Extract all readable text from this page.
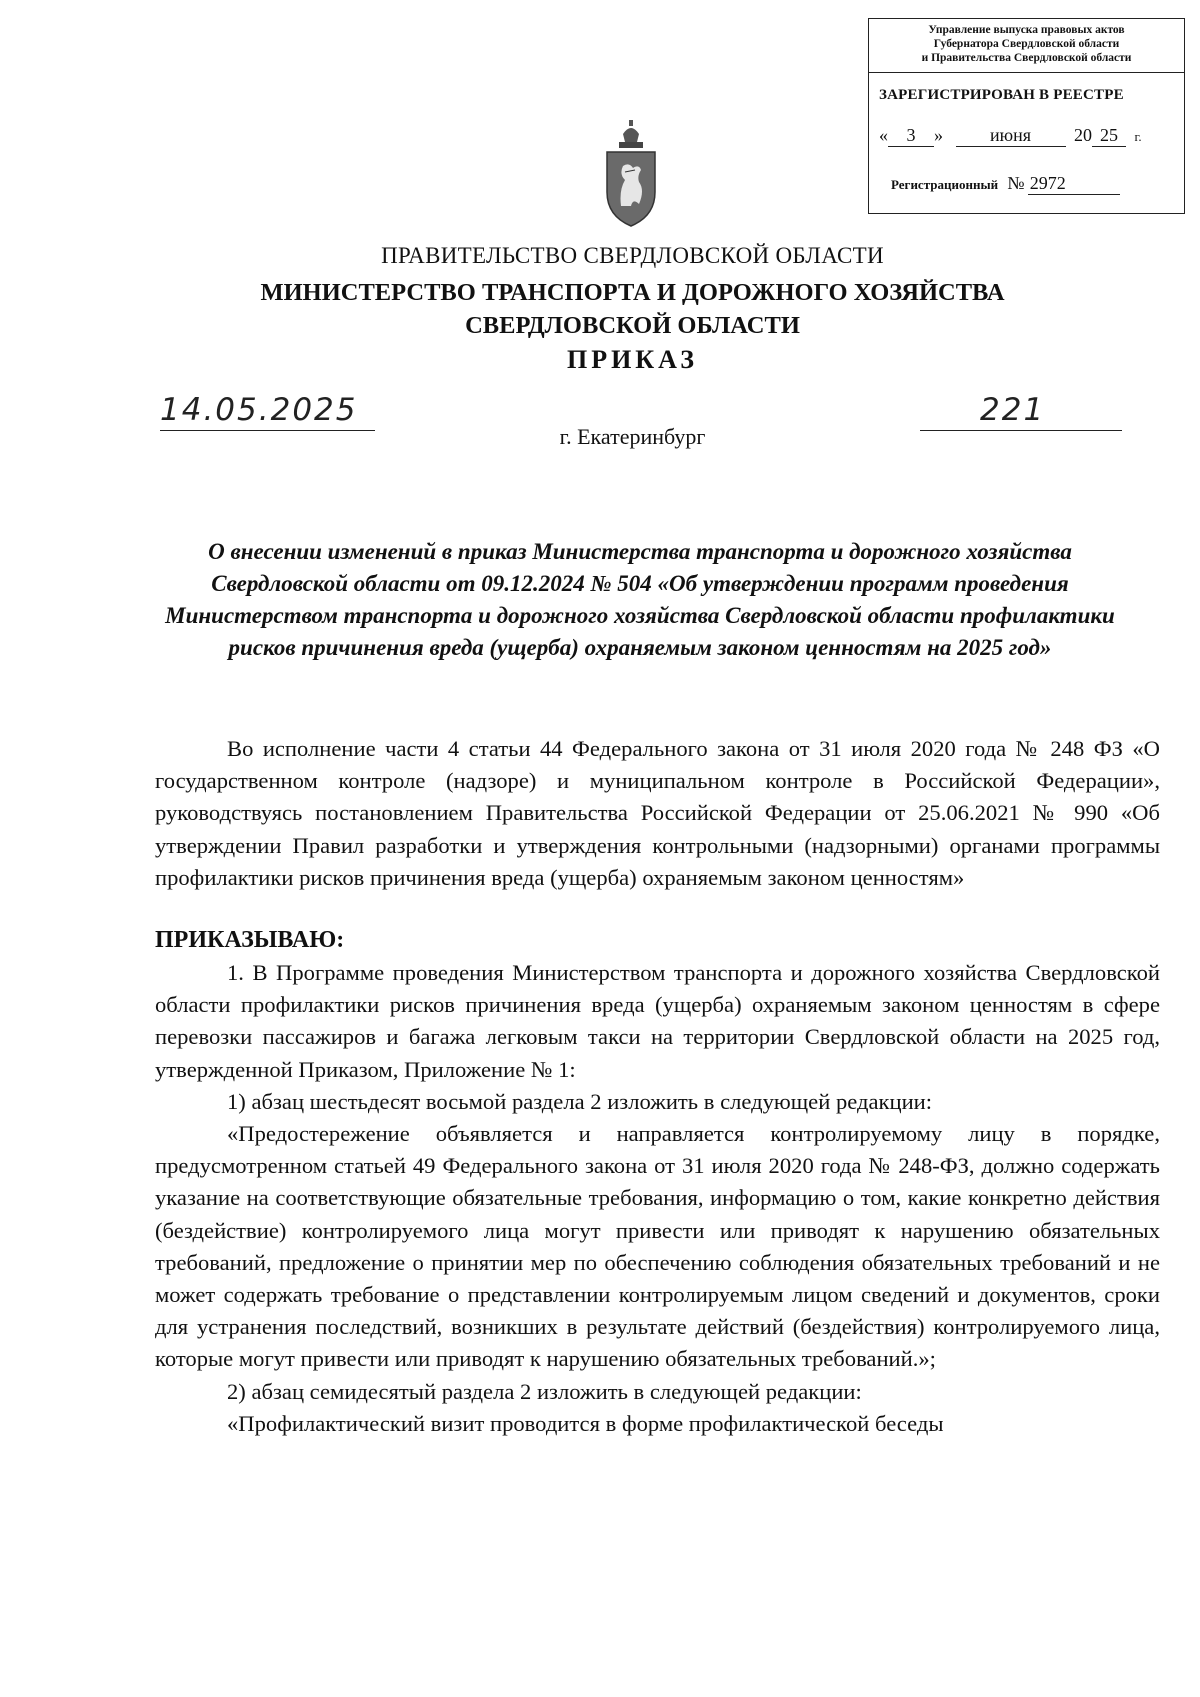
Управление выпуска правовых актов
Губернатора Свердловской области
и Правительства Свердловской области
ЗАРЕГИСТРИРОВАН В РЕЕСТРЕ
« 3 »	июня 20 25 г.
Регистрационный № 2972
ПРАВИТЕЛЬСТВО СВЕРДЛОВСКОЙ ОБЛАСТИ
МИНИСТЕРСТВО ТРАНСПОРТА И ДОРОЖНОГО ХОЗЯЙСТВА
СВЕРДЛОВСКОЙ ОБЛАСТИ
ПРИКАЗ
14.05.2025	221
г. Екатеринбург
О внесении изменений в приказ Министерства транспорта и дорожного хозяйства Свердловской области от 09.12.2024 № 504 «Об утверждении программ проведения Министерством транспорта и дорожного хозяйства Свердловской области профилактики рисков причинения вреда (ущерба) охраняемым законом ценностям на 2025 год»

Во исполнение части 4 статьи 44 Федерального закона от 31 июля 2020 года № 248 ФЗ «О государственном контроле (надзоре) и муниципальном контроле в Российской Федерации», руководствуясь постановлением Правительства Российской Федерации от 25.06.2021 № 990 «Об утверждении Правил разработки и утверждения контрольными (надзорными) органами программы профилактики рисков причинения вреда (ущерба) охраняемым законом ценностям»

ПРИКАЗЫВАЮ:

1. В Программе проведения Министерством транспорта и дорожного хозяйства Свердловской области профилактики рисков причинения вреда (ущерба) охраняемым законом ценностям в сфере перевозки пассажиров и багажа легковым такси на территории Свердловской области на 2025 год, утвержденной Приказом, Приложение № 1:

1) абзац шестьдесят восьмой раздела 2 изложить в следующей редакции:

«Предостережение объявляется и направляется контролируемому лицу в порядке, предусмотренном статьей 49 Федерального закона от 31 июля 2020 года № 248-ФЗ, должно содержать указание на соответствующие обязательные требования, информацию о том, какие конкретно действия (бездействие) контролируемого лица могут привести или приводят к нарушению обязательных требований, предложение о принятии мер по обеспечению соблюдения обязательных требований и не может содержать требование о представлении контролируемым лицом сведений и документов, сроки для устранения последствий, возникших в результате действий (бездействия) контролируемого лица, которые могут привести или приводят к нарушению обязательных требований.»;

2) абзац семидесятый раздела 2 изложить в следующей редакции:

«Профилактический визит проводится в форме профилактической беседы
